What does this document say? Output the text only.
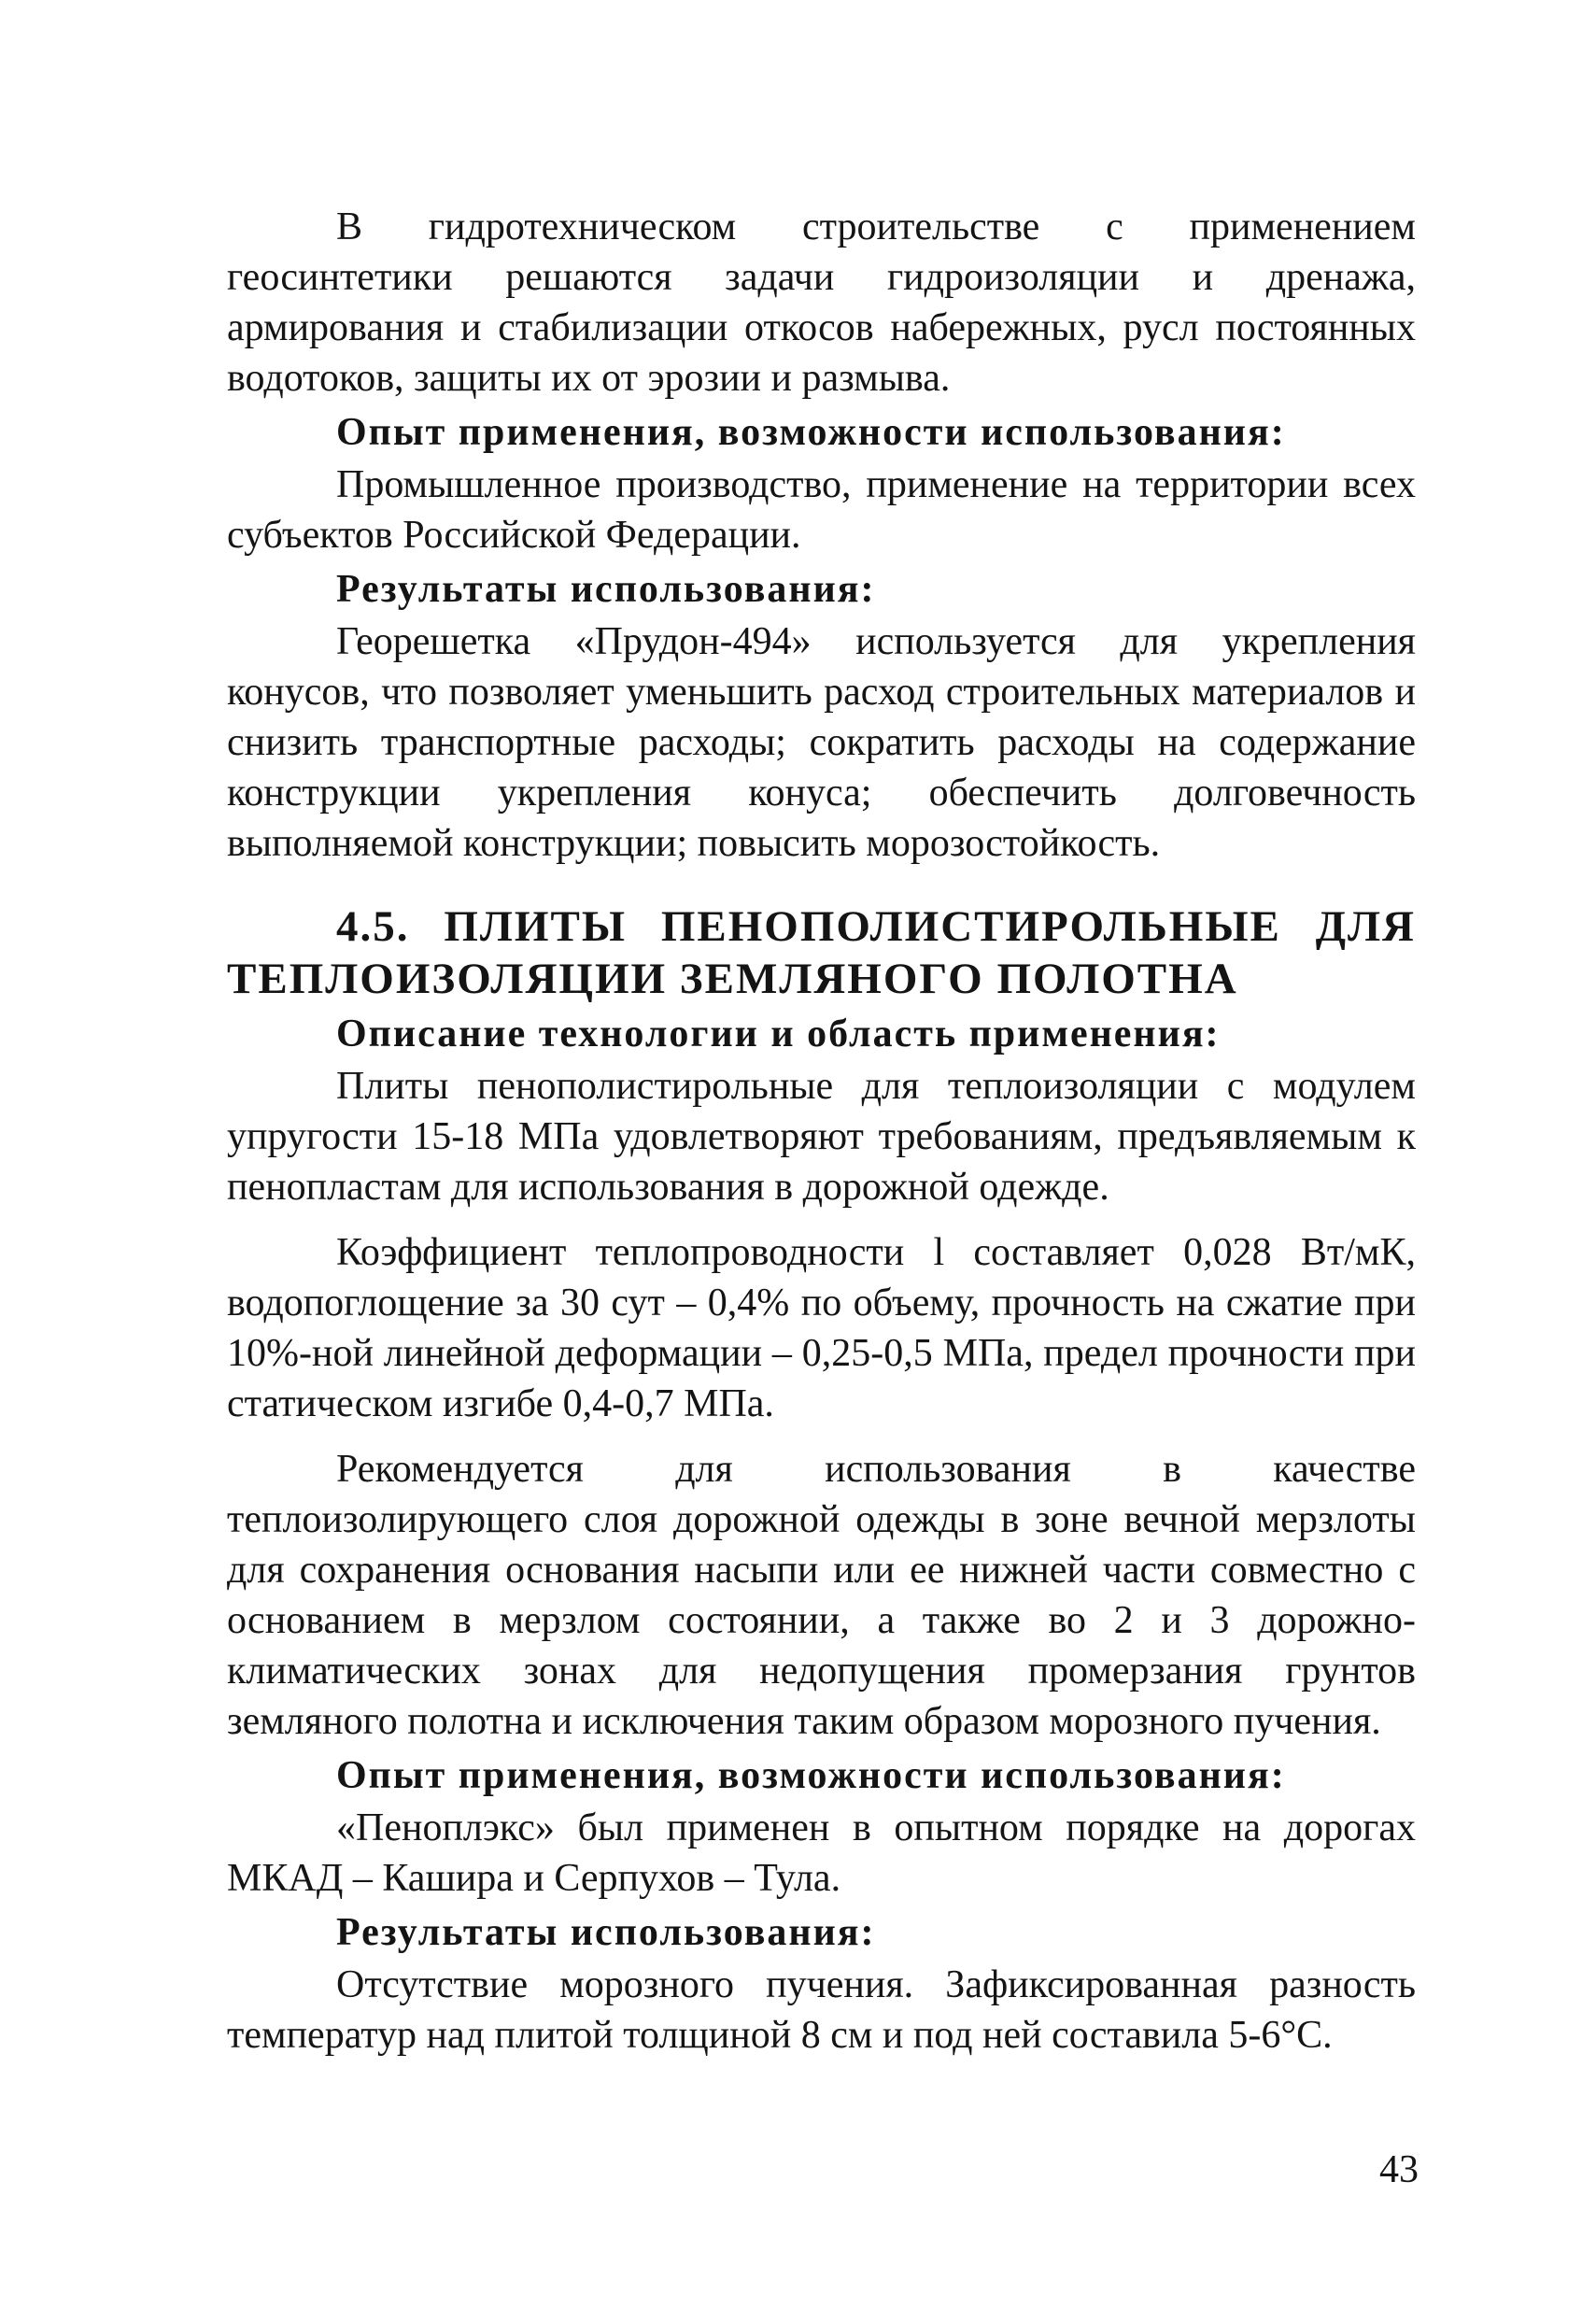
В гидротехническом строительстве с применением геосинтетики решаются задачи гидроизоляции и дренажа, армирования и стабилизации откосов набережных, русл постоянных водотоков, защиты их от эрозии и размыва.

Опыт применения, возможности использования:

Промышленное производство, применение на территории всех субъектов Российской Федерации.

Результаты использования:

Георешетка «Прудон-494» используется для укрепления конусов, что позволяет уменьшить расход строительных материалов и снизить транспортные расходы; сократить расходы на содержание конструкции укрепления конуса; обеспечить долговечность выполняемой конструкции; повысить морозостойкость.

4.5. ПЛИТЫ ПЕНОПОЛИСТИРОЛЬНЫЕ ДЛЯ ТЕПЛОИЗОЛЯЦИИ ЗЕМЛЯНОГО ПОЛОТНА
Описание технологии и область применения:

Плиты пенополистирольные для теплоизоляции с модулем упругости 15-18 МПа удовлетворяют требованиям, предъявляемым к пенопластам для использования в дорожной одежде.

Коэффициент теплопроводности l составляет 0,028 Вт/мК, водопоглощение за 30 сут – 0,4% по объему, прочность на сжатие при 10%-ной линейной деформации – 0,25-0,5 МПа, предел прочности при статическом изгибе 0,4-0,7 МПа.

Рекомендуется для использования в качестве теплоизолирующего слоя дорожной одежды в зоне вечной мерзлоты для сохранения основания насыпи или ее нижней части совместно с основанием в мерзлом состоянии, а также во 2 и 3 дорожно-климатических зонах для недопущения промерзания грунтов земляного полотна и исключения таким образом морозного пучения.

Опыт применения, возможности использования:

«Пеноплэкс» был применен в опытном порядке на дорогах МКАД – Кашира и Серпухов – Тула.

Результаты использования:

Отсутствие морозного пучения. Зафиксированная разность температур над плитой толщиной 8 см и под ней составила 5-6°С.

43
